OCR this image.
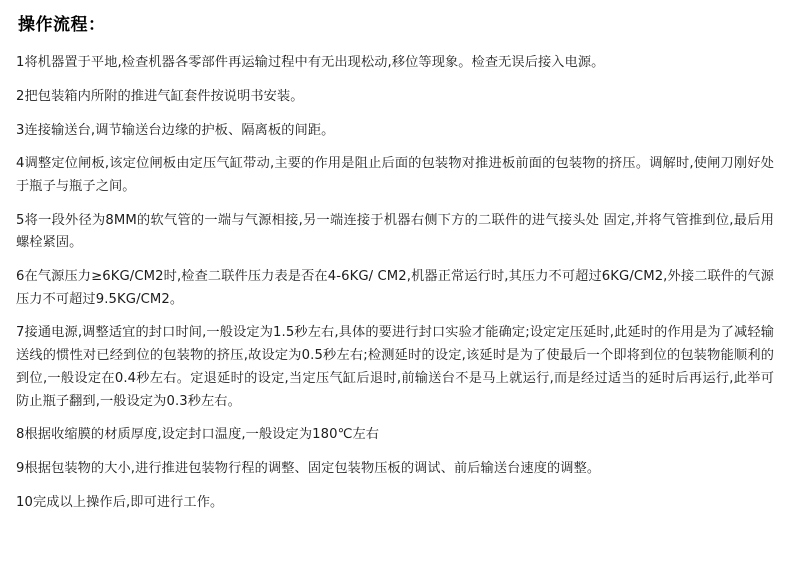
操作流程：

1将机器置于平地,检查机器各零部件再运输过程中有无出现松动,移位等现象。检查无误后接入电源。

2把包装箱内所附的推进气缸套件按说明书安装。

3连接输送台,调节输送台边缘的护板、隔离板的间距。

4调整定位闸板,该定位闸板由定压气缸带动,主要的作用是阻止后面的包装物对推进板前面的包装物的挤压。调解时,使闸刀刚好处于瓶子与瓶子之间。

5将一段外径为8MM的软气管的一端与气源相接,另一端连接于机器右侧下方的二联件的进气接头处 固定,并将气管推到位,最后用螺栓紧固。

6在气源压力≥6KG/CM2时,检查二联件压力表是否在4-6KG/ CM2,机器正常运行时,其压力不可超过6KG/CM2,外接二联件的气源压力不可超过9.5KG/CM2。

7接通电源,调整适宜的封口时间,一般设定为1.5秒左右,具体的要进行封口实验才能确定;设定定压延时,此延时的作用是为了减轻输送线的惯性对已经到位的包装物的挤压,故设定为0.5秒左右;检测延时的设定,该延时是为了使最后一个即将到位的包装物能顺利的到位,一般设定在0.4秒左右。定退延时的设定,当定压气缸后退时,前输送台不是马上就运行,而是经过适当的延时后再运行,此举可防止瓶子翻到,一般设定为0.3秒左右。

8根据收缩膜的材质厚度,设定封口温度,一般设定为180℃左右

9根据包装物的大小,进行推进包装物行程的调整、固定包装物压板的调试、前后输送台速度的调整。

10完成以上操作后,即可进行工作。
